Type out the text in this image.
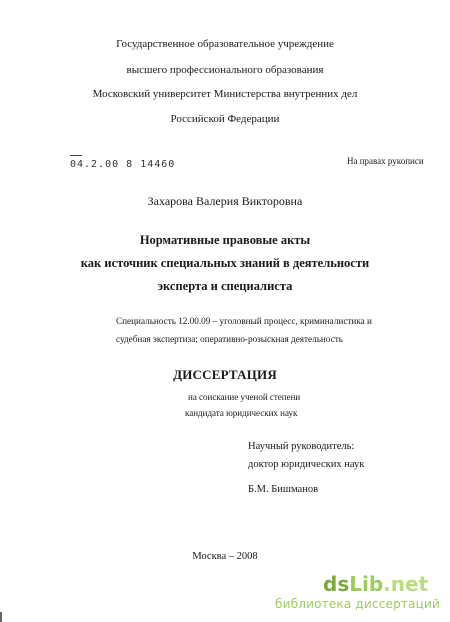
Государственное образовательное учреждение
высшего профессионального образования
Московский университет Министерства внутренних дел
Российской Федерации
04.2.00 8 14460	На правах рукописи
Захарова Валерия Викторовна
Нормативные правовые акты
как источник специальных знаний в деятельности
эксперта и специалиста
Специальность 12.00.09 – уголовный процесс, криминалистика и
судебная экспертиза; оперативно-розыскная деятельность
ДИССЕРТАЦИЯ
на соискание ученой степени
кандидата юридических наук
Научный руководитель:
доктор юридических наук
Б.М. Бишманов
Москва – 2008
dsLib.net
библиотека диссертаций
